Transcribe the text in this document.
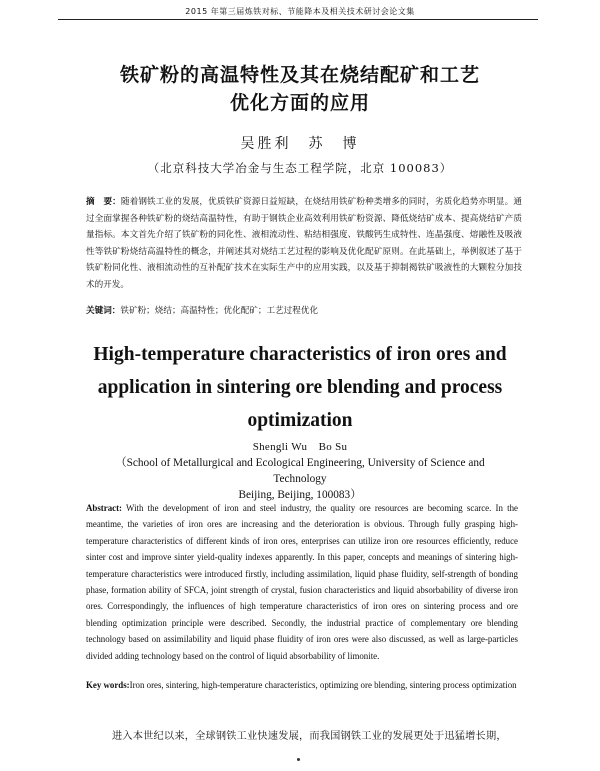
2015 年第三届炼铁对标、节能降本及相关技术研讨会论文集
铁矿粉的高温特性及其在烧结配矿和工艺
优化方面的应用
吴胜利　苏　博
（北京科技大学冶金与生态工程学院，北京 100083）
摘　要：随着钢铁工业的发展，优质铁矿资源日益短缺，在烧结用铁矿粉种类增多的同时，劣质化趋势亦明显。通过全面掌握各种铁矿粉的烧结高温特性，有助于钢铁企业高效利用铁矿粉资源、降低烧结矿成本、提高烧结矿产质量指标。本文首先介绍了铁矿粉的同化性、液相流动性、粘结相强度、铁酸钙生成特性、连晶强度、熔融性及吸液性等铁矿粉烧结高温特性的概念，并阐述其对烧结工艺过程的影响及优化配矿原则。在此基础上，举例叙述了基于铁矿粉同化性、液相流动性的互补配矿技术在实际生产中的应用实践，以及基于抑制褐铁矿吸液性的大颗粒分加技术的开发。
关键词：铁矿粉；烧结；高温特性；优化配矿；工艺过程优化
High-temperature characteristics of iron ores and
application in sintering ore blending and process
optimization
Shengli Wu　Bo Su
（School of Metallurgical and Ecological Engineering, University of Science and Technology
Beijing, Beijing, 100083）
Abstract: With the development of iron and steel industry, the quality ore resources are becoming scarce. In the meantime, the varieties of iron ores are increasing and the deterioration is obvious. Through fully grasping high-temperature characteristics of different kinds of iron ores, enterprises can utilize iron ore resources efficiently, reduce sinter cost and improve sinter yield-quality indexes apparently. In this paper, concepts and meanings of sintering high-temperature characteristics were introduced firstly, including assimilation, liquid phase fluidity, self-strength of bonding phase, formation ability of SFCA, joint strength of crystal, fusion characteristics and liquid absorbability of diverse iron ores. Correspondingly, the influences of high temperature characteristics of iron ores on sintering process and ore blending optimization principle were described. Secondly, the industrial practice of complementary ore blending technology based on assimilability and liquid phase fluidity of iron ores were also discussed, as well as large-particles divided adding technology based on the control of liquid absorbability of limonite.
Key words:Iron ores, sintering, high-temperature characteristics, optimizing ore blending, sintering process optimization
进入本世纪以来，全球钢铁工业快速发展，而我国钢铁工业的发展更处于迅猛增长期，
